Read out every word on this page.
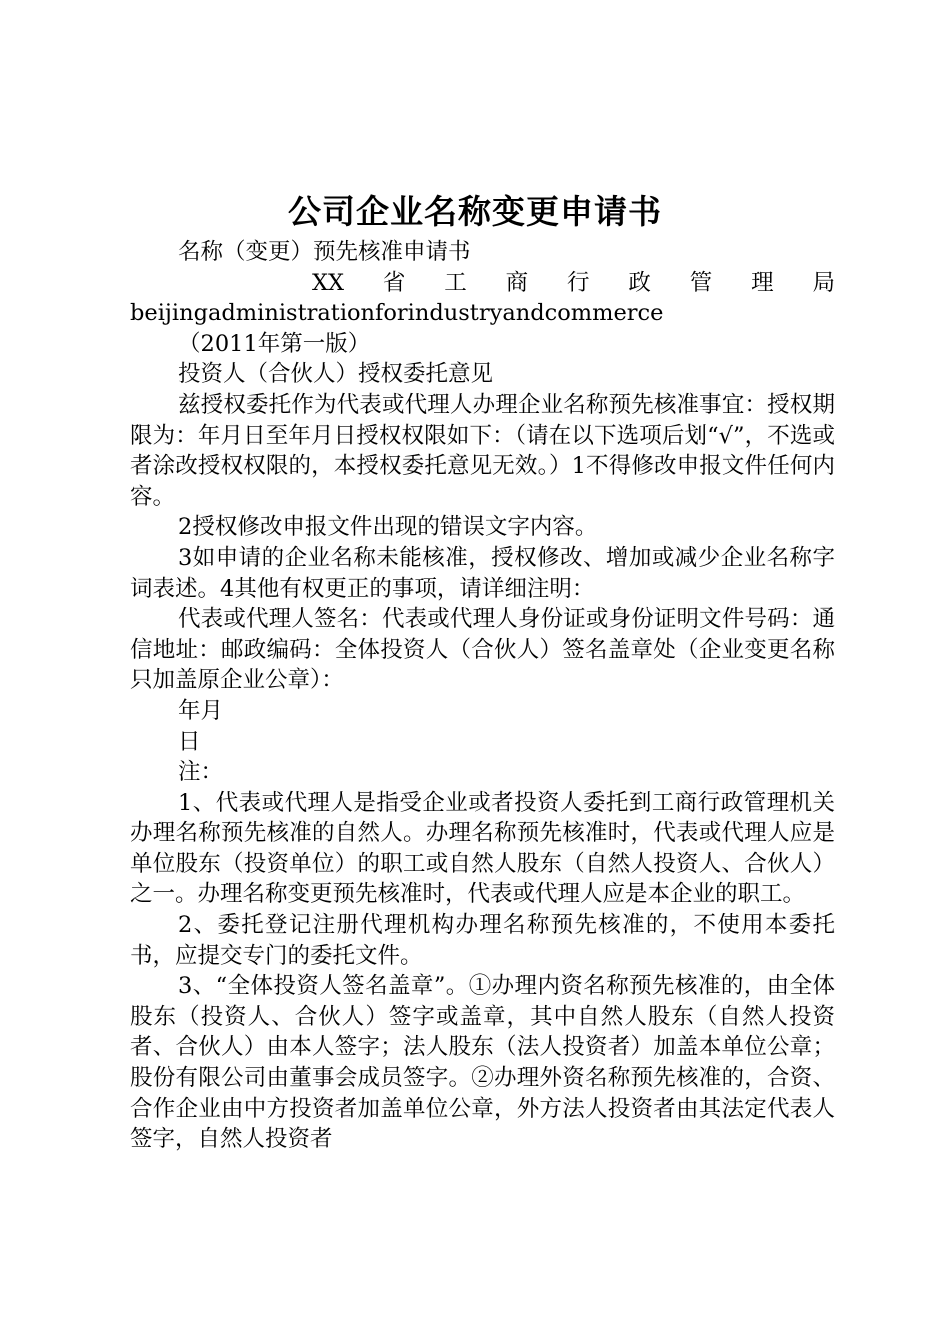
公司企业名称变更申请书

名称（变更）预先核准申请书

XX省工商行政管理局

beijingadministrationforindustryandcommerce

（2011年第一版）

投资人（合伙人）授权委托意见

兹授权委托作为代表或代理人办理企业名称预先核准事宜：授权期限为：年月日至年月日授权权限如下：（请在以下选项后划“√”，不选或者涂改授权权限的，本授权委托意见无效。）1不得修改申报文件任何内容。

2授权修改申报文件出现的错误文字内容。

3如申请的企业名称未能核准，授权修改、增加或减少企业名称字词表述。4其他有权更正的事项，请详细注明：

代表或代理人签名：代表或代理人身份证或身份证明文件号码：通信地址：邮政编码：全体投资人（合伙人）签名盖章处（企业变更名称只加盖原企业公章）：

年月

日

注：

1、代表或代理人是指受企业或者投资人委托到工商行政管理机关办理名称预先核准的自然人。办理名称预先核准时，代表或代理人应是单位股东（投资单位）的职工或自然人股东（自然人投资人、合伙人）之一。办理名称变更预先核准时，代表或代理人应是本企业的职工。

2、委托登记注册代理机构办理名称预先核准的，不使用本委托书，应提交专门的委托文件。

3、“全体投资人签名盖章”。①办理内资名称预先核准的，由全体股东（投资人、合伙人）签字或盖章，其中自然人股东（自然人投资者、合伙人）由本人签字；法人股东（法人投资者）加盖本单位公章；股份有限公司由董事会成员签字。②办理外资名称预先核准的，合资、合作企业由中方投资者加盖单位公章，外方法人投资者由其法定代表人签字，自然人投资者
